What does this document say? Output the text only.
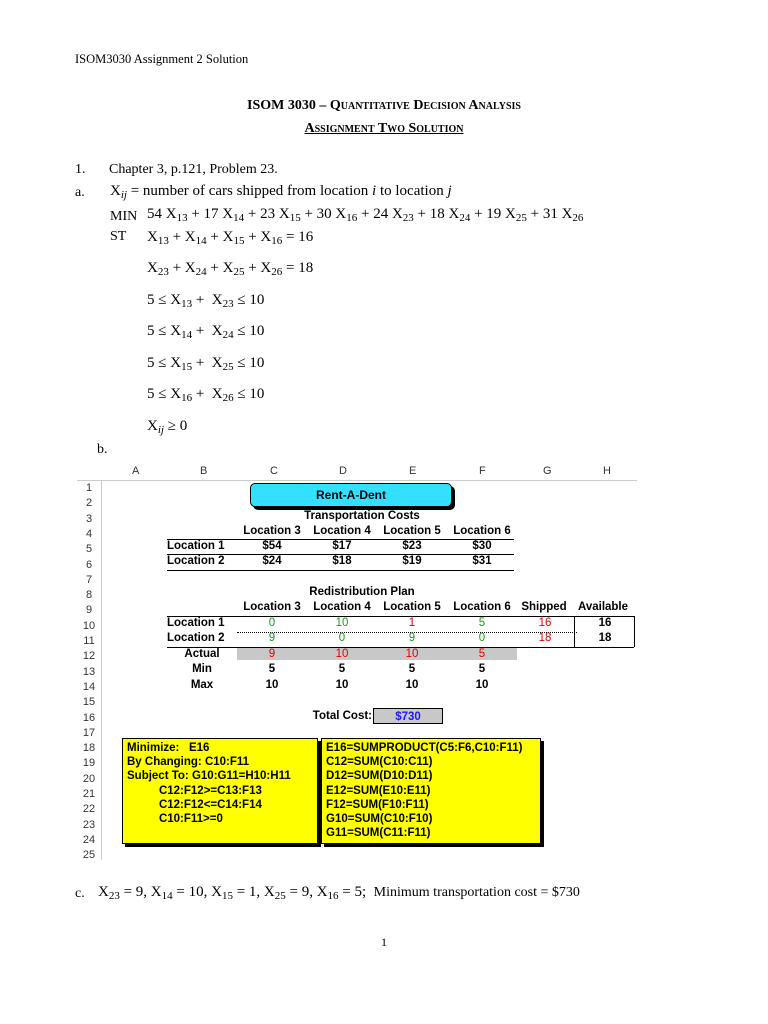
ISOM3030 Assignment 2 Solution
ISOM 3030 – Quantitative Decision Analysis
Assignment Two Solution
1. Chapter 3, p.121, Problem 23.
a. $X_{ij}$ = number of cars shipped from location i to location j
MIN 54 $X_{13} + 17$ $X_{14} + 23$ $X_{15} + 30$ $X_{16} + 24$ $X_{23} + 18$ $X_{24} + 19$ $X_{25} + 31$ $X_{26}$
ST $X_{13} + X_{14} + X_{15} + X_{16} = 16$
$X_{23} + X_{24} + X_{25} + X_{26} = 18$
$5 \le X_{13} + X_{23} \le 10$
$5 \le X_{14} + X_{24} \le 10$
$5 \le X_{15} + X_{25} \le 10$
$5 \le X_{16} + X_{26} \le 10$
$X_{ij} \ge 0$
b.
A	B	C	D	E	F	G	H
1
2
3
4
5
6
7
8
9
10
11
12
13
14
15
16
17
18
19
20
21
22
23
24
25
Rent-A-Dent
Transportation Costs
Location 3	Location 4	Location 5	Location 6
Location 1	$54	$17	$23	$30
Location 2	$24	$18	$19	$31
Redistribution Plan
Location 3	Location 4	Location 5	Location 6 Shipped Available
Location 1	0	10	1	5	16	16
Location 2	9	0	9	0	18	18
Actual	9	10	10	5
Min	5	5	5	5
Max	10	10	10	10
Total Cost:	$730
Minimize:   E16
By Changing: C10:F11
Subject To: G10:G11=H10:H11
C12:F12>=C13:F13
C12:F12<=C14:F14
C10:F11>=0
E16=SUMPRODUCT(C5:F6,C10:F11)
C12=SUM(C10:C11)
D12=SUM(D10:D11)
E12=SUM(E10:E11)
F12=SUM(F10:F11)
G10=SUM(C10:F10)
G11=SUM(C11:F11)
c. $X_{23} = 9$, $X_{14} = 10$, $X_{15} = 1$, $X_{25} = 9$, $X_{16} = 5$;  Minimum transportation cost = $730
1
